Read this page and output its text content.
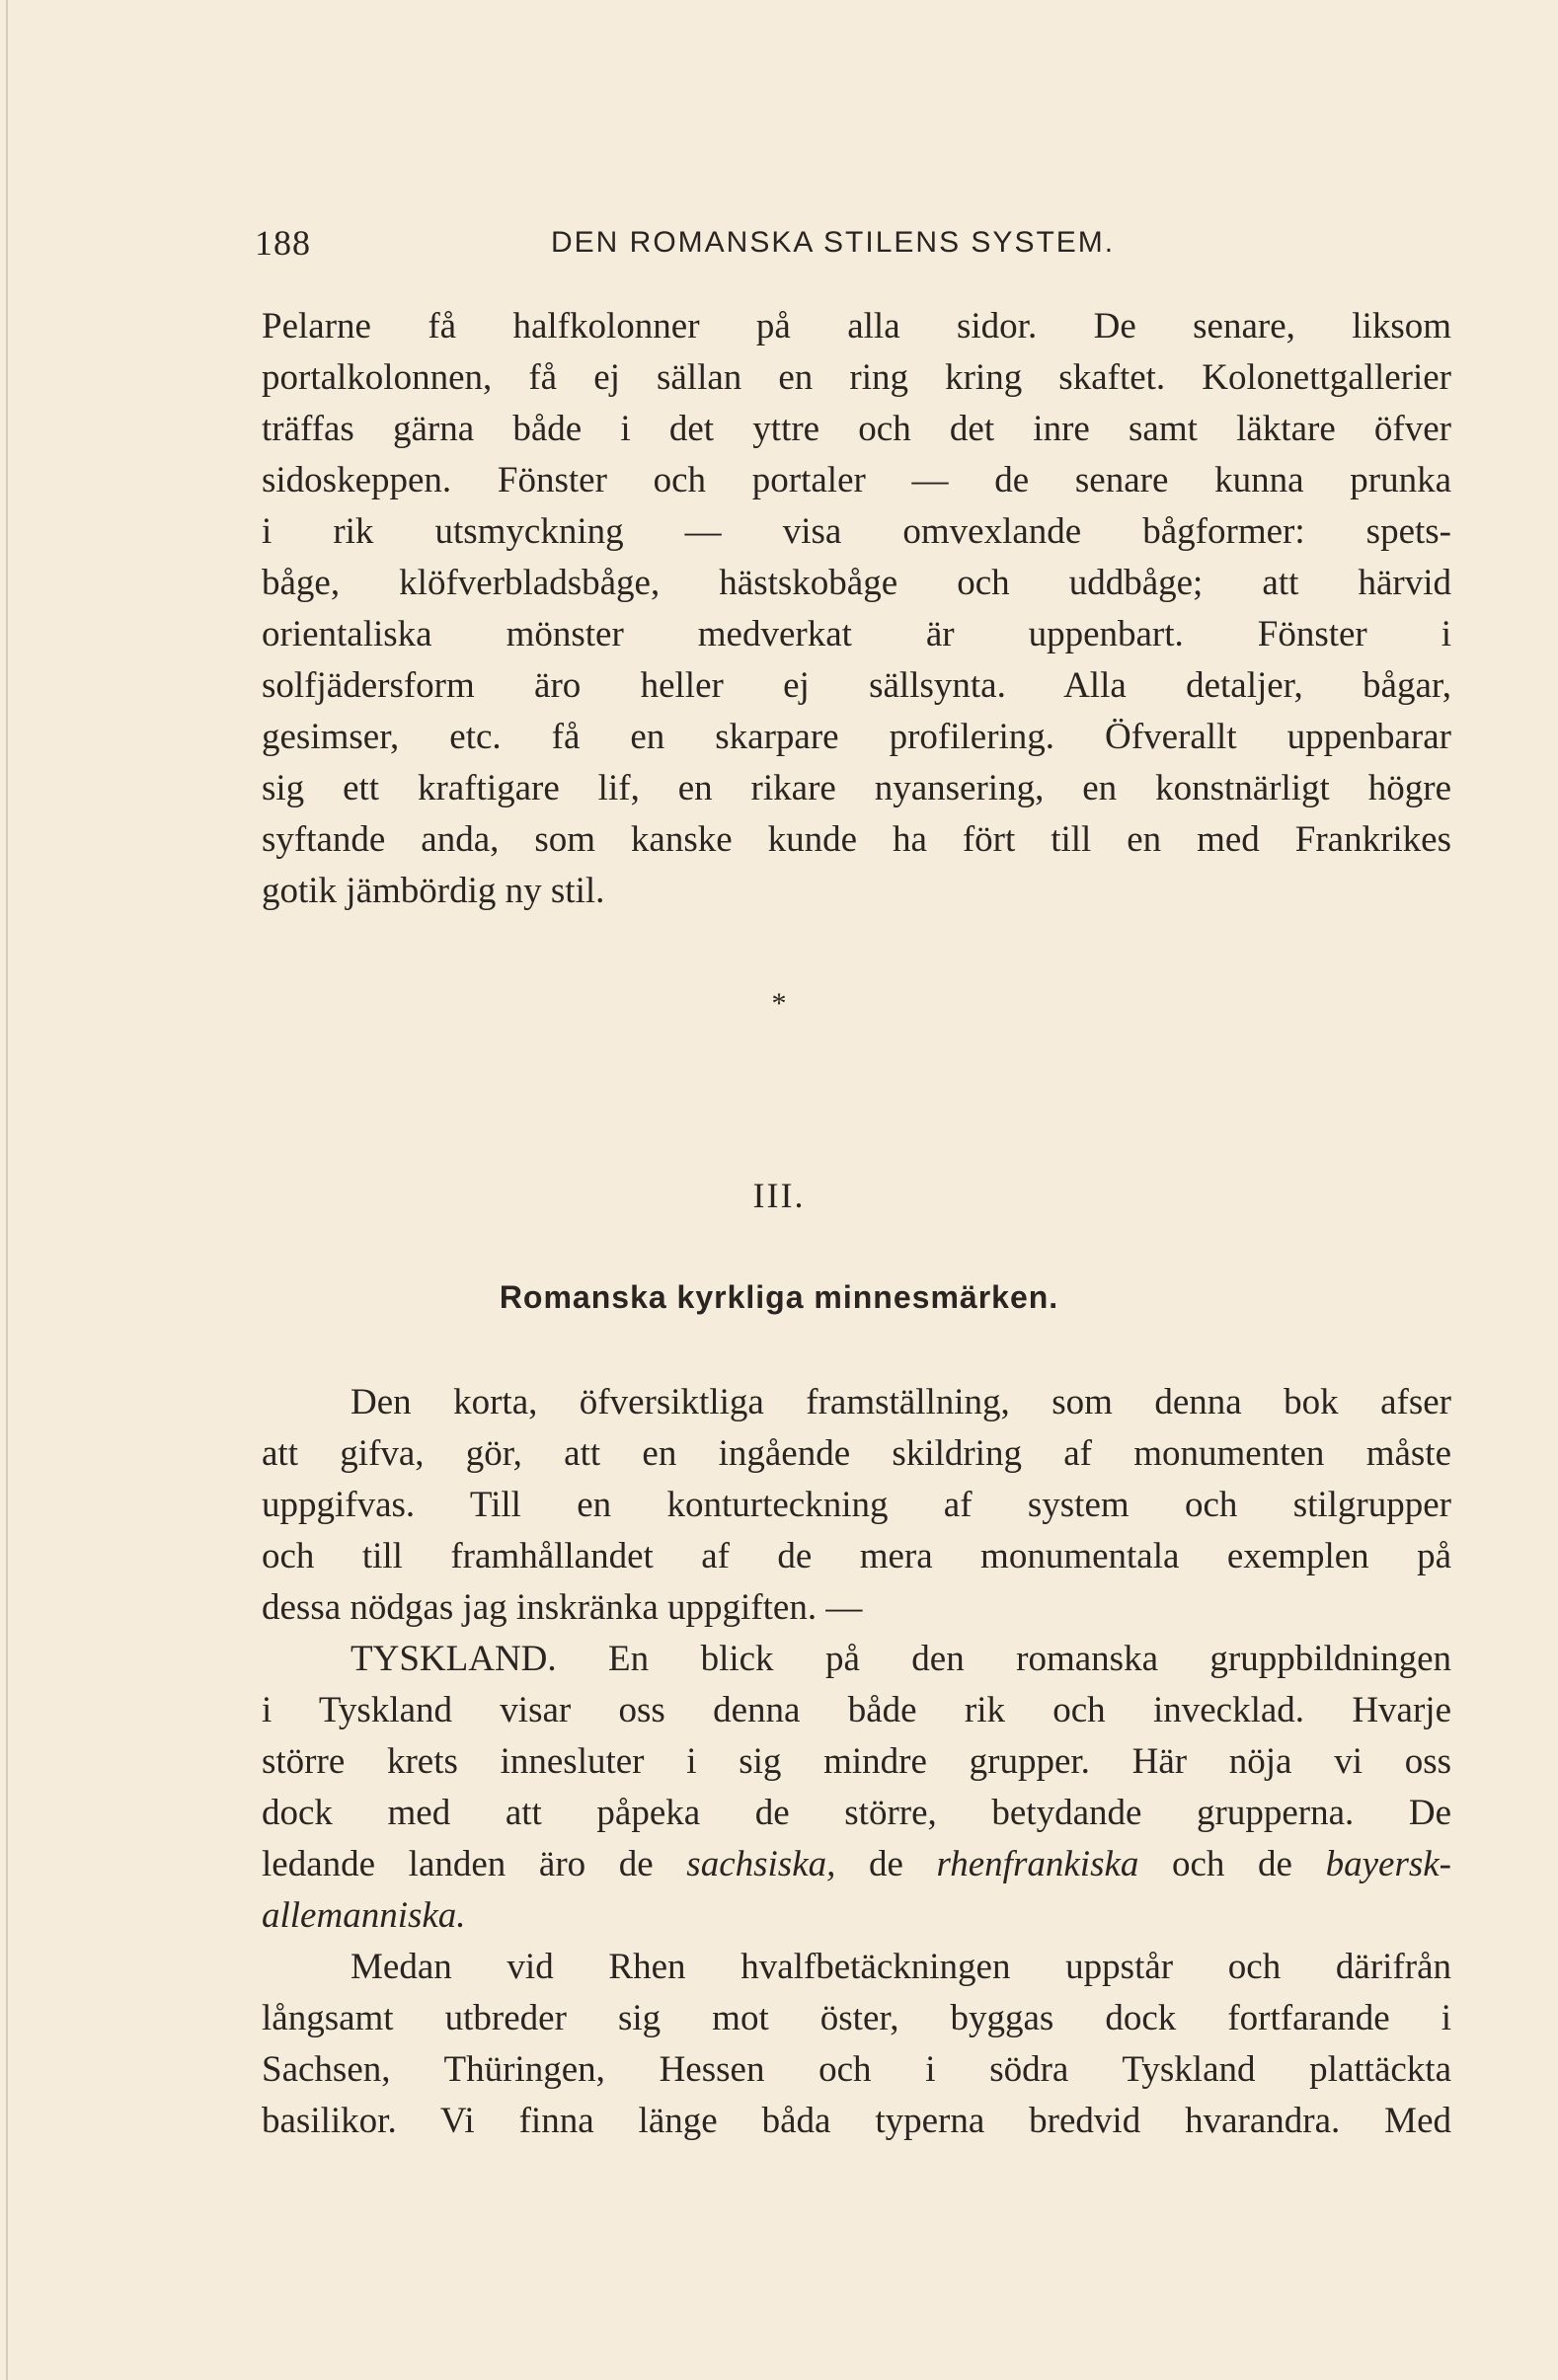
188	DEN ROMANSKA STILENS SYSTEM.
Pelarne få halfkolonner på alla sidor. De senare, liksom
portalkolonnen, få ej sällan en ring kring skaftet. Kolonettgallerier
träffas gärna både i det yttre och det inre samt läktare öfver
sidoskeppen. Fönster och portaler — de senare kunna prunka
i rik utsmyckning — visa omvexlande bågformer: spets-
båge, klöfverbladsbåge, hästskobåge och uddbåge; att härvid
orientaliska mönster medverkat är uppenbart. Fönster i
solfjädersform äro heller ej sällsynta. Alla detaljer, bågar,
gesimser, etc. få en skarpare profilering. Öfverallt uppenbarar
sig ett kraftigare lif, en rikare nyansering, en konstnärligt högre
syftande anda, som kanske kunde ha fört till en med Frankrikes
gotik jämbördig ny stil.
*
III.
Romanska kyrkliga minnesmärken.
Den korta, öfversiktliga framställning, som denna bok afser
att gifva, gör, att en ingående skildring af monumenten måste
uppgifvas. Till en konturteckning af system och stilgrupper
och till framhållandet af de mera monumentala exemplen på
dessa nödgas jag inskränka uppgiften. —
TYSKLAND. En blick på den romanska gruppbildningen
i Tyskland visar oss denna både rik och invecklad. Hvarje
större krets innesluter i sig mindre grupper. Här nöja vi oss
dock med att påpeka de större, betydande grupperna. De
ledande landen äro de sachsiska, de rhenfrankiska och de bayersk-
allemanniska.
Medan vid Rhen hvalfbetäckningen uppstår och därifrån
långsamt utbreder sig mot öster, byggas dock fortfarande i
Sachsen, Thüringen, Hessen och i södra Tyskland plattäckta
basilikor. Vi finna länge båda typerna bredvid hvarandra. Med
